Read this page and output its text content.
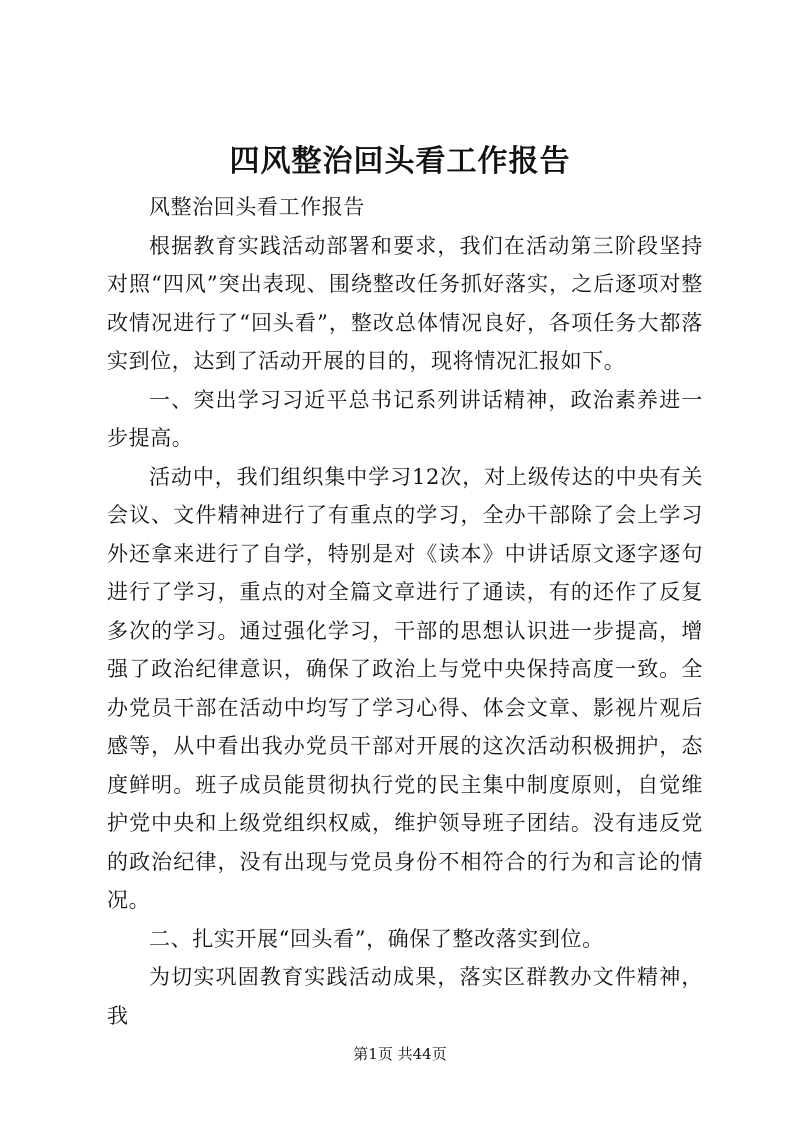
四风整治回头看工作报告

风整治回头看工作报告

根据教育实践活动部署和要求，我们在活动第三阶段坚持对照“四风”突出表现、围绕整改任务抓好落实，之后逐项对整改情况进行了“回头看”，整改总体情况良好，各项任务大都落实到位，达到了活动开展的目的，现将情况汇报如下。

一、突出学习习近平总书记系列讲话精神，政治素养进一步提高。

活动中，我们组织集中学习12次，对上级传达的中央有关会议、文件精神进行了有重点的学习，全办干部除了会上学习外还拿来进行了自学，特别是对《读本》中讲话原文逐字逐句进行了学习，重点的对全篇文章进行了通读，有的还作了反复多次的学习。通过强化学习，干部的思想认识进一步提高，增强了政治纪律意识，确保了政治上与党中央保持高度一致。全办党员干部在活动中均写了学习心得、体会文章、影视片观后感等，从中看出我办党员干部对开展的这次活动积极拥护，态度鲜明。班子成员能贯彻执行党的民主集中制度原则，自觉维护党中央和上级党组织权威，维护领导班子团结。没有违反党的政治纪律，没有出现与党员身份不相符合的行为和言论的情况。

二、扎实开展“回头看”，确保了整改落实到位。

为切实巩固教育实践活动成果，落实区群教办文件精神，我

第1页 共44页
